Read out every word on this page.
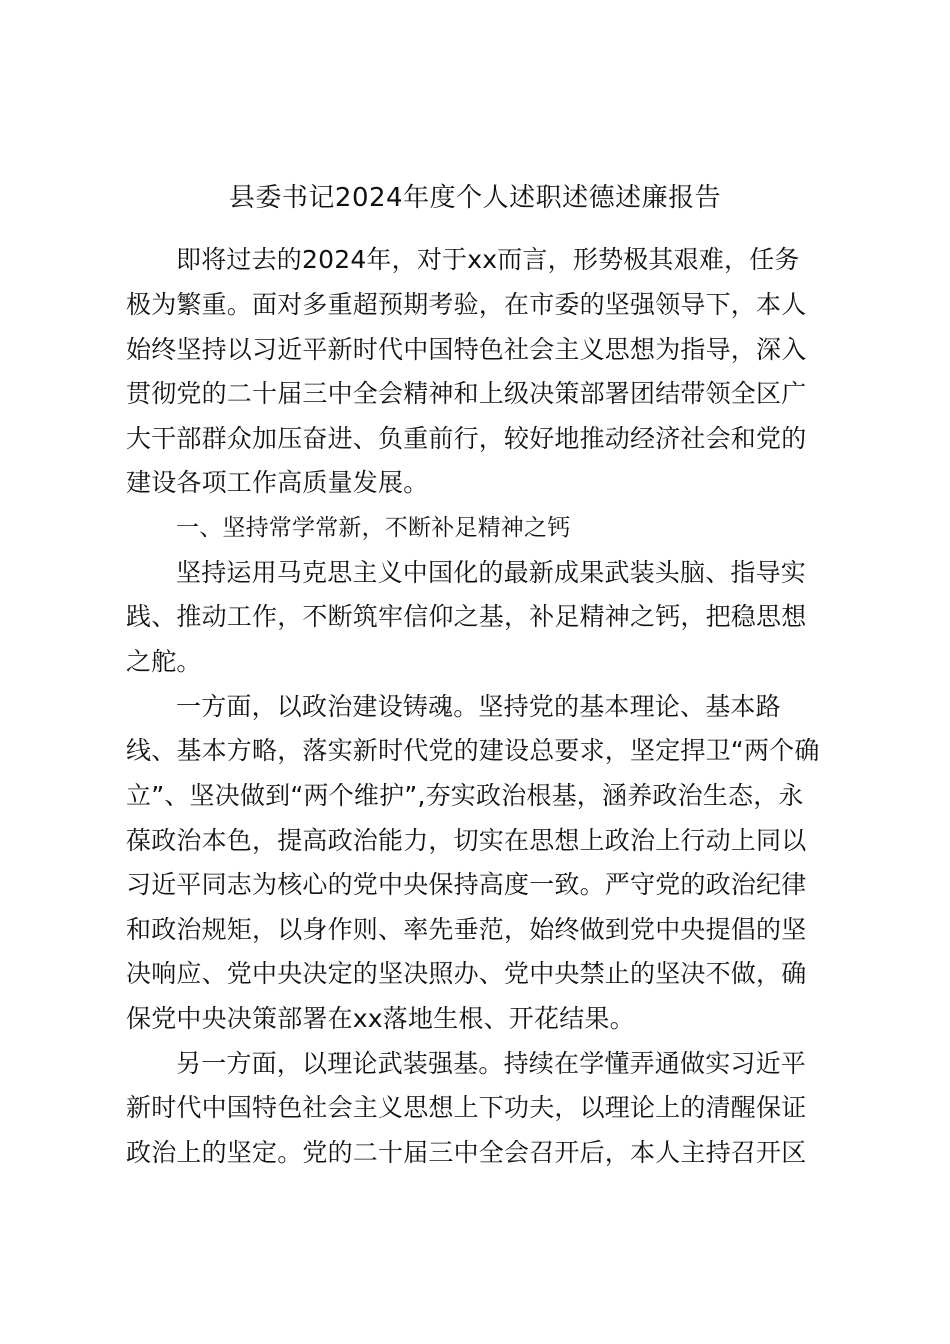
县委书记2024年度个人述职述德述廉报告
即将过去的2024年，对于xx而言，形势极其艰难，任务
极为繁重。面对多重超预期考验，在市委的坚强领导下，本人
始终坚持以习近平新时代中国特色社会主义思想为指导，深入
贯彻党的二十届三中全会精神和上级决策部署团结带领全区广
大干部群众加压奋进、负重前行，较好地推动经济社会和党的
建设各项工作高质量发展。
一、坚持常学常新，不断补足精神之钙
坚持运用马克思主义中国化的最新成果武装头脑、指导实
践、推动工作，不断筑牢信仰之基，补足精神之钙，把稳思想
之舵。
一方面，以政治建设铸魂。坚持党的基本理论、基本路
线、基本方略，落实新时代党的建设总要求，坚定捍卫“两个确
立”、坚决做到“两个维护”,夯实政治根基，涵养政治生态，永
葆政治本色，提高政治能力，切实在思想上政治上行动上同以
习近平同志为核心的党中央保持高度一致。严守党的政治纪律
和政治规矩，以身作则、率先垂范，始终做到党中央提倡的坚
决响应、党中央决定的坚决照办、党中央禁止的坚决不做，确
保党中央决策部署在xx落地生根、开花结果。
另一方面，以理论武装强基。持续在学懂弄通做实习近平
新时代中国特色社会主义思想上下功夫，以理论上的清醒保证
政治上的坚定。党的二十届三中全会召开后，本人主持召开区
